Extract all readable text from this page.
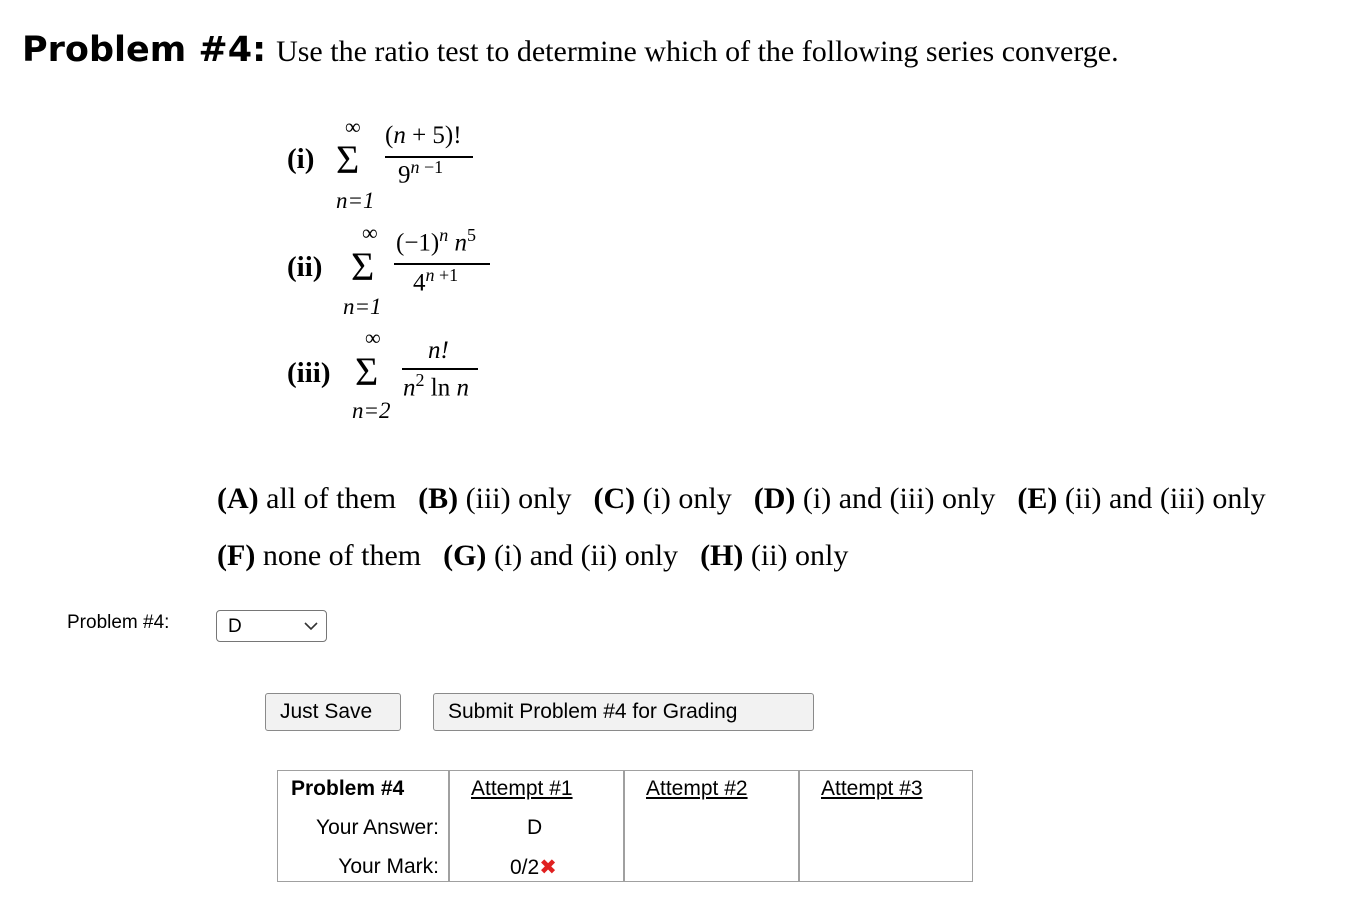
Problem #4: Use the ratio test to determine which of the following series converge.
(i)
∞
Σ
n=1
(n + 5)!
9$^n$ $^{-1}$
(ii)
∞
Σ
n=1
$(-1)^n$ $n^5$
4$^n$ $^{+1}$
(iii)
∞
Σ
n=2
n!
$n^2$ ln n
(A) all of them (B) (iii) only (C) (i) only (D) (i) and (iii) only (E) (ii) and (iii) only
(F) none of them (G) (i) and (ii) only (H) (ii) only
Problem #4:	D
Just Save	Submit Problem #4 for Grading
Problem #4	Attempt #1	Attempt #2	Attempt #3
Your Answer:	D
Your Mark:	0/2✖
